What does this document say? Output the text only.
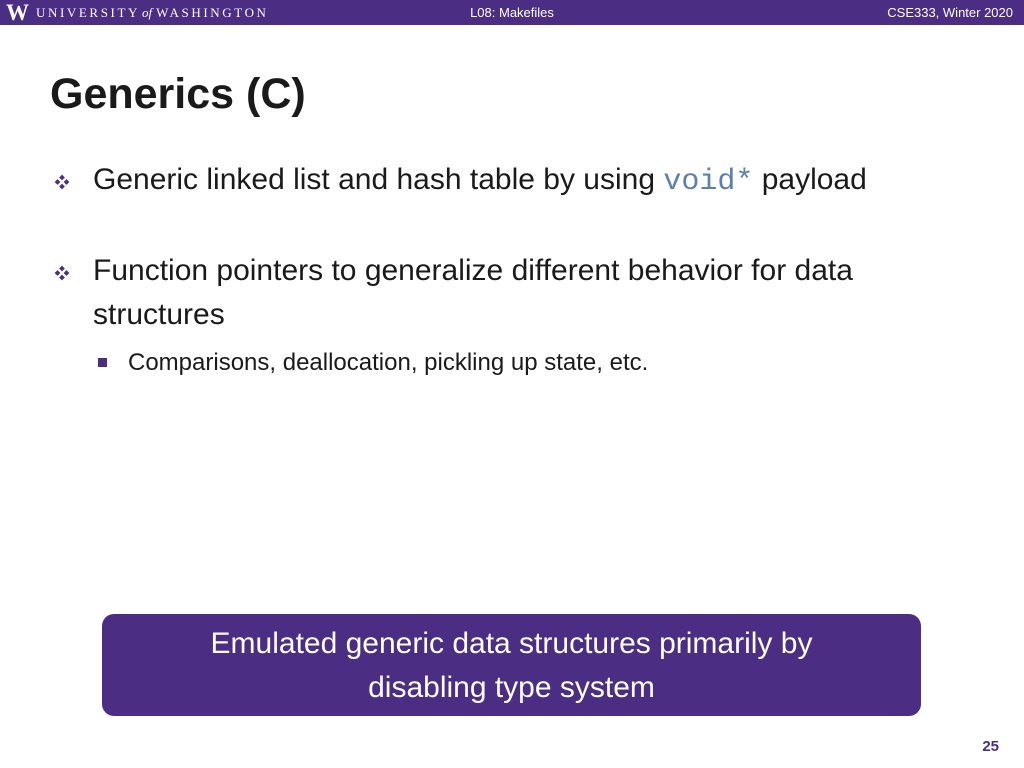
W UNIVERSITY of WASHINGTON	L08: Makefiles	CSE333, Winter 2020
Generics (C)
Generic linked list and hash table by using void* payload
Function pointers to generalize different behavior for data
structures
Comparisons, deallocation, pickling up state, etc.
Emulated generic data structures primarily by
disabling type system
25
